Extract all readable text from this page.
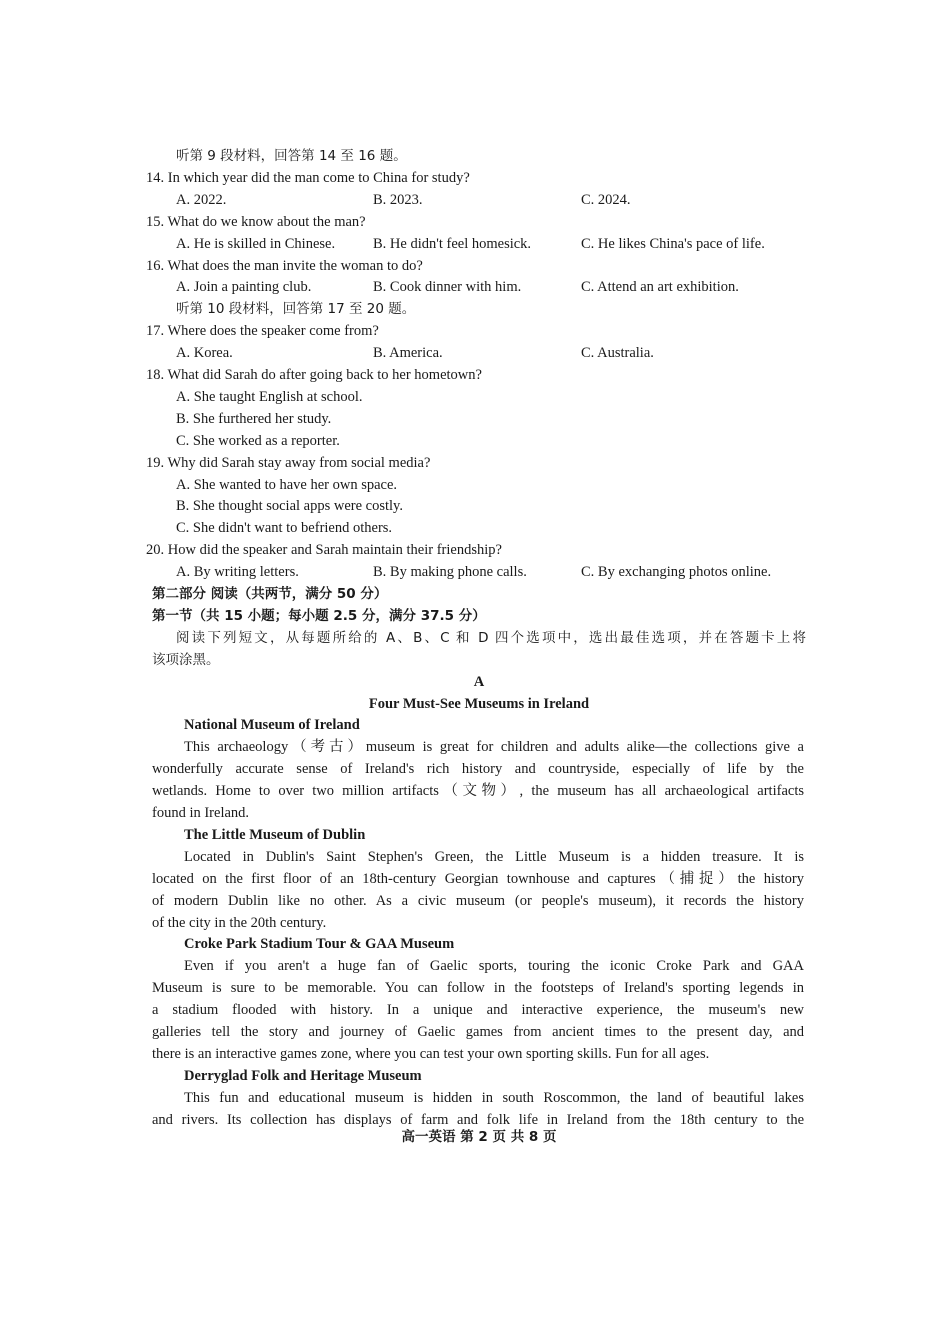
听第 9 段材料，回答第 14 至 16 题。
14. In which year did the man come to China for study?
A. 2022.	B. 2023.	C. 2024.
15. What do we know about the man?
A. He is skilled in Chinese.	B. He didn't feel homesick.	C. He likes China's pace of life.
16. What does the man invite the woman to do?
A. Join a painting club.	B. Cook dinner with him.	C. Attend an art exhibition.
听第 10 段材料，回答第 17 至 20 题。
17. Where does the speaker come from?
A. Korea.	B. America.	C. Australia.
18. What did Sarah do after going back to her hometown?
A. She taught English at school.
B. She furthered her study.
C. She worked as a reporter.
19. Why did Sarah stay away from social media?
A. She wanted to have her own space.
B. She thought social apps were costly.
C. She didn't want to befriend others.
20. How did the speaker and Sarah maintain their friendship?
A. By writing letters.	B. By making phone calls.	C. By exchanging photos online.
第二部分 阅读（共两节，满分 50 分）
第一节（共 15 小题；每小题 2.5 分，满分 37.5 分）
阅读下列短文，从每题所给的 A、B、C 和 D 四个选项中，选出最佳选项，并在答题卡上将
该项涂黑。
A
Four Must-See Museums in Ireland
National Museum of Ireland
This archaeology（考古）museum is great for children and adults alike—the collections give a
wonderfully accurate sense of Ireland's rich history and countryside, especially of life by the
wetlands. Home to over two million artifacts（文物）, the museum has all archaeological artifacts
found in Ireland.
The Little Museum of Dublin
Located in Dublin's Saint Stephen's Green, the Little Museum is a hidden treasure. It is
located on the first floor of an 18th-century Georgian townhouse and captures（捕捉）the history
of modern Dublin like no other. As a civic museum (or people's museum), it records the history
of the city in the 20th century.
Croke Park Stadium Tour & GAA Museum
Even if you aren't a huge fan of Gaelic sports, touring the iconic Croke Park and GAA
Museum is sure to be memorable. You can follow in the footsteps of Ireland's sporting legends in
a stadium flooded with history. In a unique and interactive experience, the museum's new
galleries tell the story and journey of Gaelic games from ancient times to the present day, and
there is an interactive games zone, where you can test your own sporting skills. Fun for all ages.
Derryglad Folk and Heritage Museum
This fun and educational museum is hidden in south Roscommon, the land of beautiful lakes
and rivers. Its collection has displays of farm and folk life in Ireland from the 18th century to the
高一英语 第 2 页 共 8 页
